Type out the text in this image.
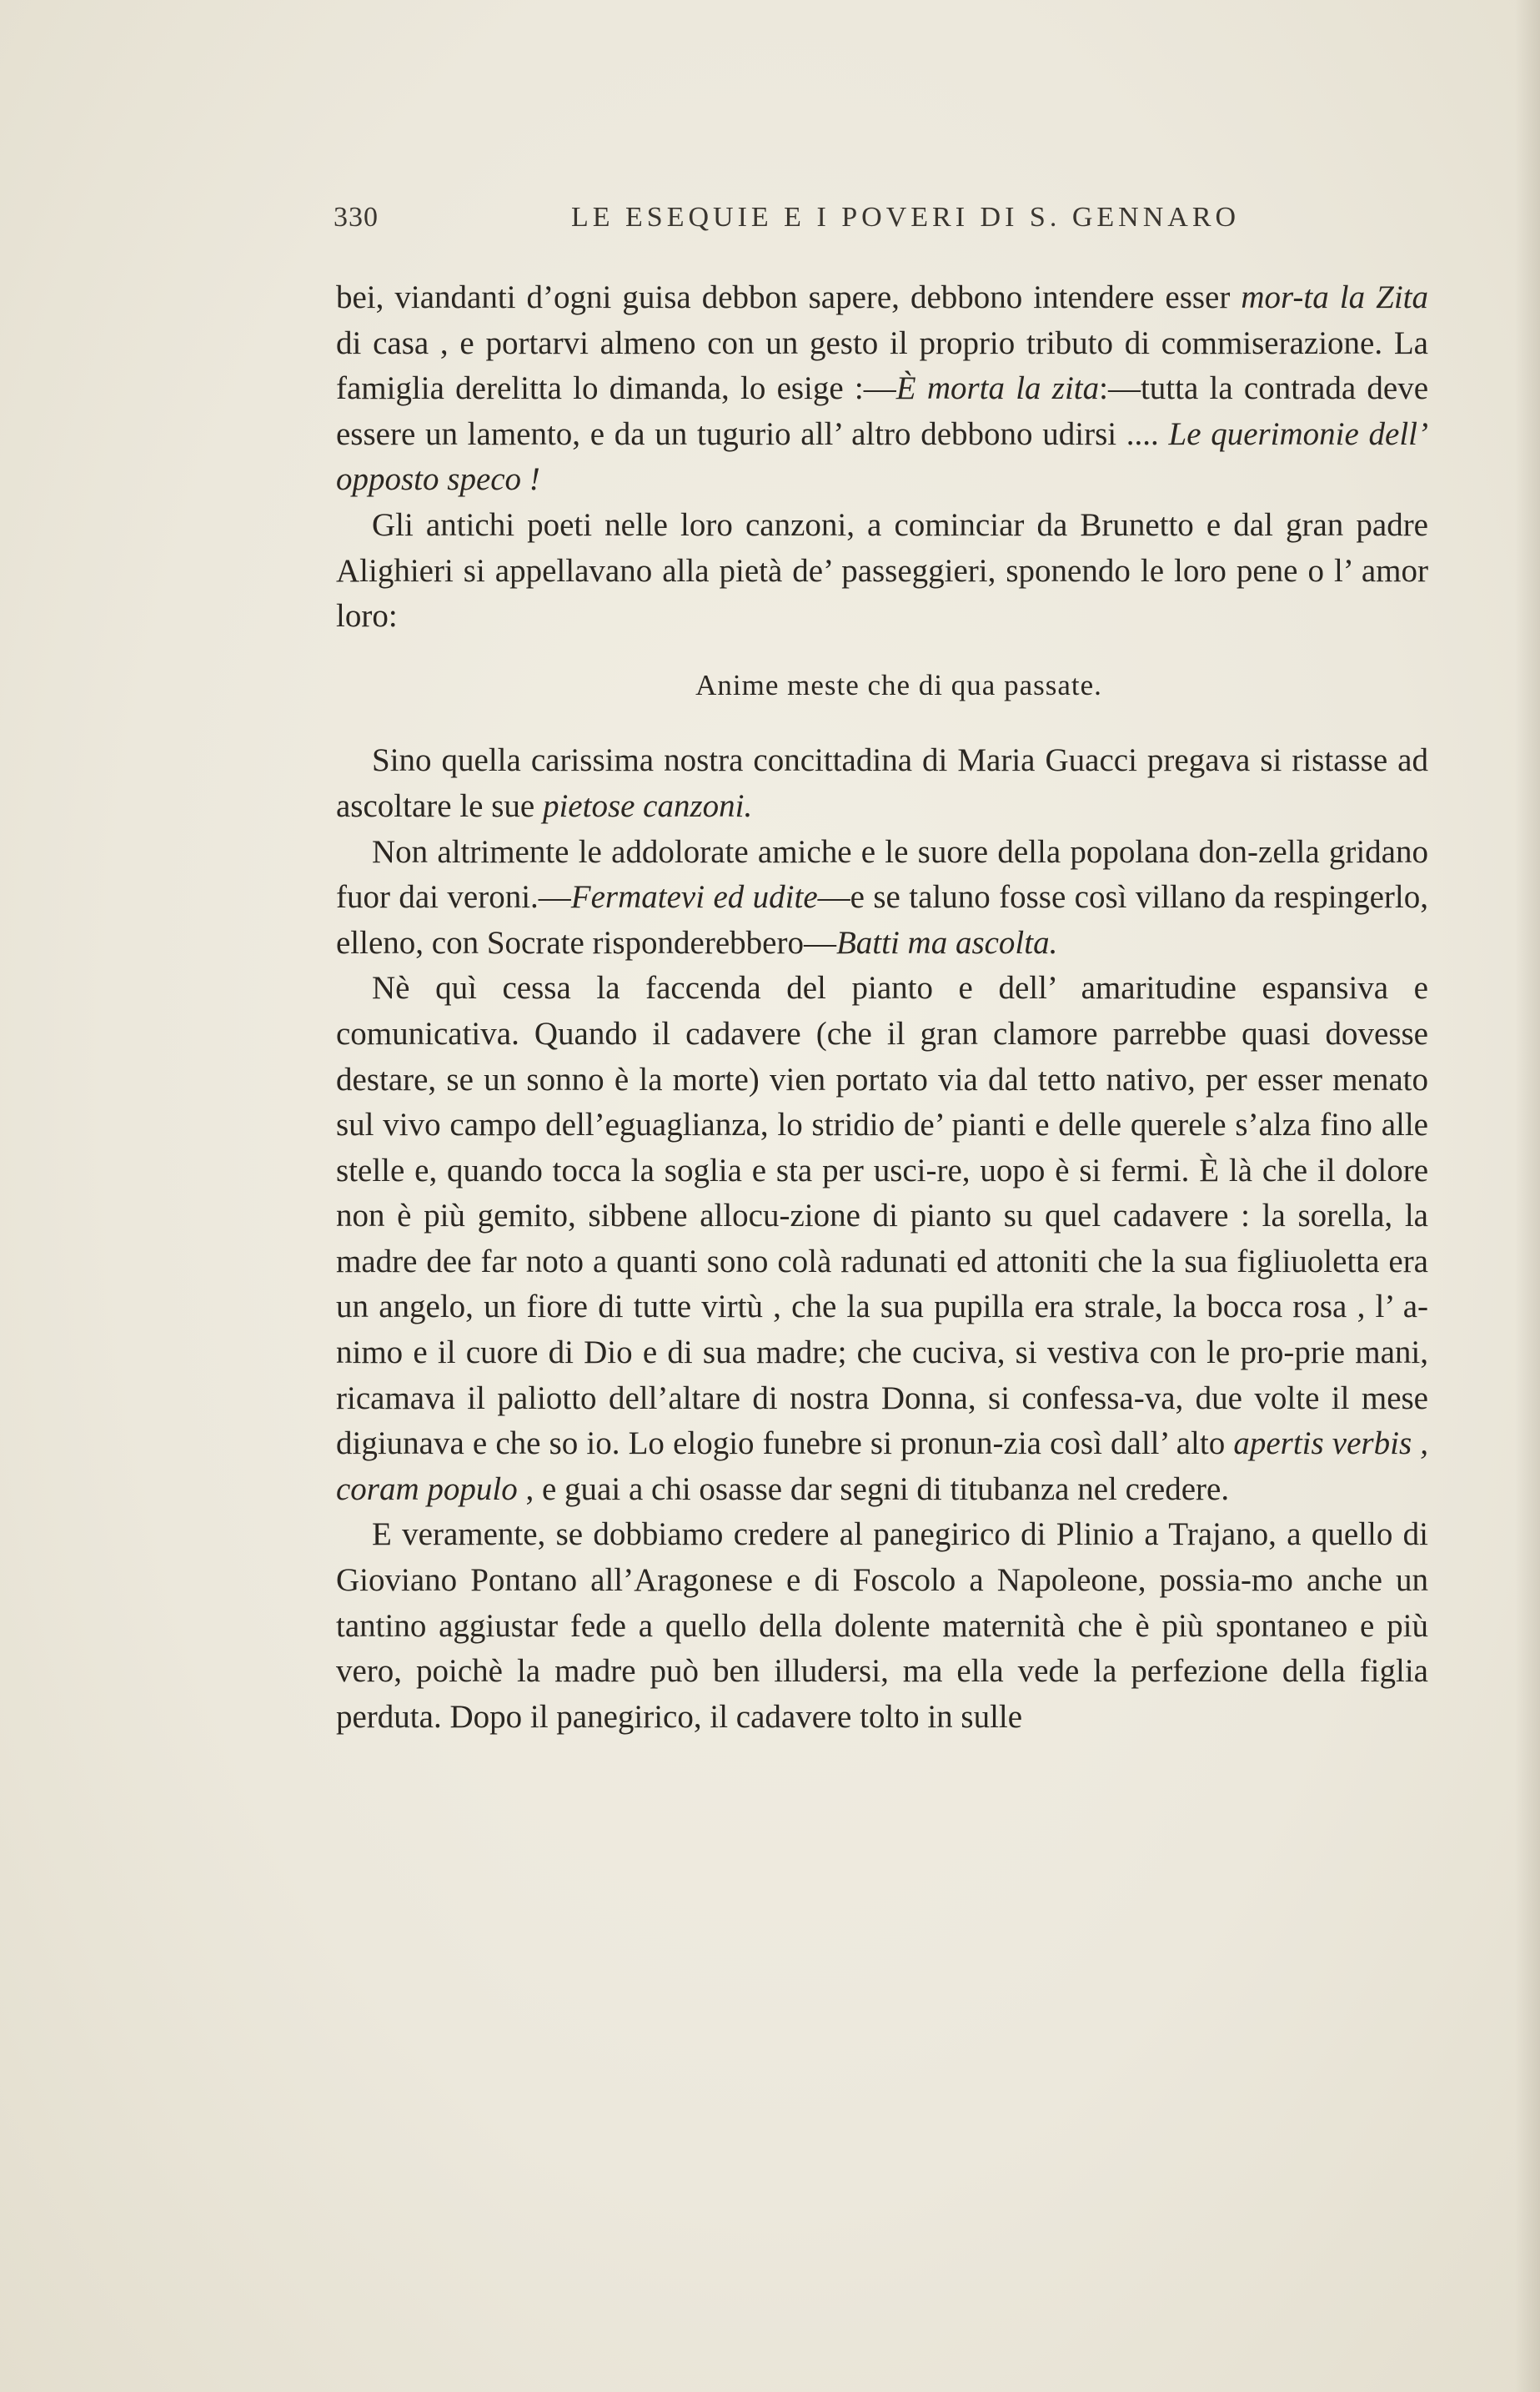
330	LE ESEQUIE E I POVERI DI S. GENNARO

bei, viandanti d’ogni guisa debbon sapere, debbono intendere esser mor-ta la Zita di casa , e portarvi almeno con un gesto il proprio tributo di commiserazione. La famiglia derelitta lo dimanda, lo esige :—È morta la zita:—tutta la contrada deve essere un lamento, e da un tugurio all’ altro debbono udirsi .... Le querimonie dell’ opposto speco !

Gli antichi poeti nelle loro canzoni, a cominciar da Brunetto e dal gran padre Alighieri si appellavano alla pietà de’ passeggieri, sponendo le loro pene o l’ amor loro:

Anime meste che di qua passate.

Sino quella carissima nostra concittadina di Maria Guacci pregava si ristasse ad ascoltare le sue pietose canzoni.

Non altrimente le addolorate amiche e le suore della popolana don-zella gridano fuor dai veroni.—Fermatevi ed udite—e se taluno fosse così villano da respingerlo, elleno, con Socrate risponderebbero—Batti ma ascolta.

Nè quì cessa la faccenda del pianto e dell’ amaritudine espansiva e comunicativa. Quando il cadavere (che il gran clamore parrebbe quasi dovesse destare, se un sonno è la morte) vien portato via dal tetto nativo, per esser menato sul vivo campo dell’eguaglianza, lo stridio de’ pianti e delle querele s’alza fino alle stelle e, quando tocca la soglia e sta per usci-re, uopo è si fermi. È là che il dolore non è più gemito, sibbene allocu-zione di pianto su quel cadavere : la sorella, la madre dee far noto a quanti sono colà radunati ed attoniti che la sua figliuoletta era un angelo, un fiore di tutte virtù , che la sua pupilla era strale, la bocca rosa , l’ a-nimo e il cuore di Dio e di sua madre; che cuciva, si vestiva con le pro-prie mani, ricamava il paliotto dell’altare di nostra Donna, si confessa-va, due volte il mese digiunava e che so io. Lo elogio funebre si pronun-zia così dall’ alto apertis verbis , coram populo , e guai a chi osasse dar segni di titubanza nel credere.

E veramente, se dobbiamo credere al panegirico di Plinio a Trajano, a quello di Gioviano Pontano all’Aragonese e di Foscolo a Napoleone, possia-mo anche un tantino aggiustar fede a quello della dolente maternità che è più spontaneo e più vero, poichè la madre può ben illudersi, ma ella vede la perfezione della figlia perduta. Dopo il panegirico, il cadavere tolto in sulle
